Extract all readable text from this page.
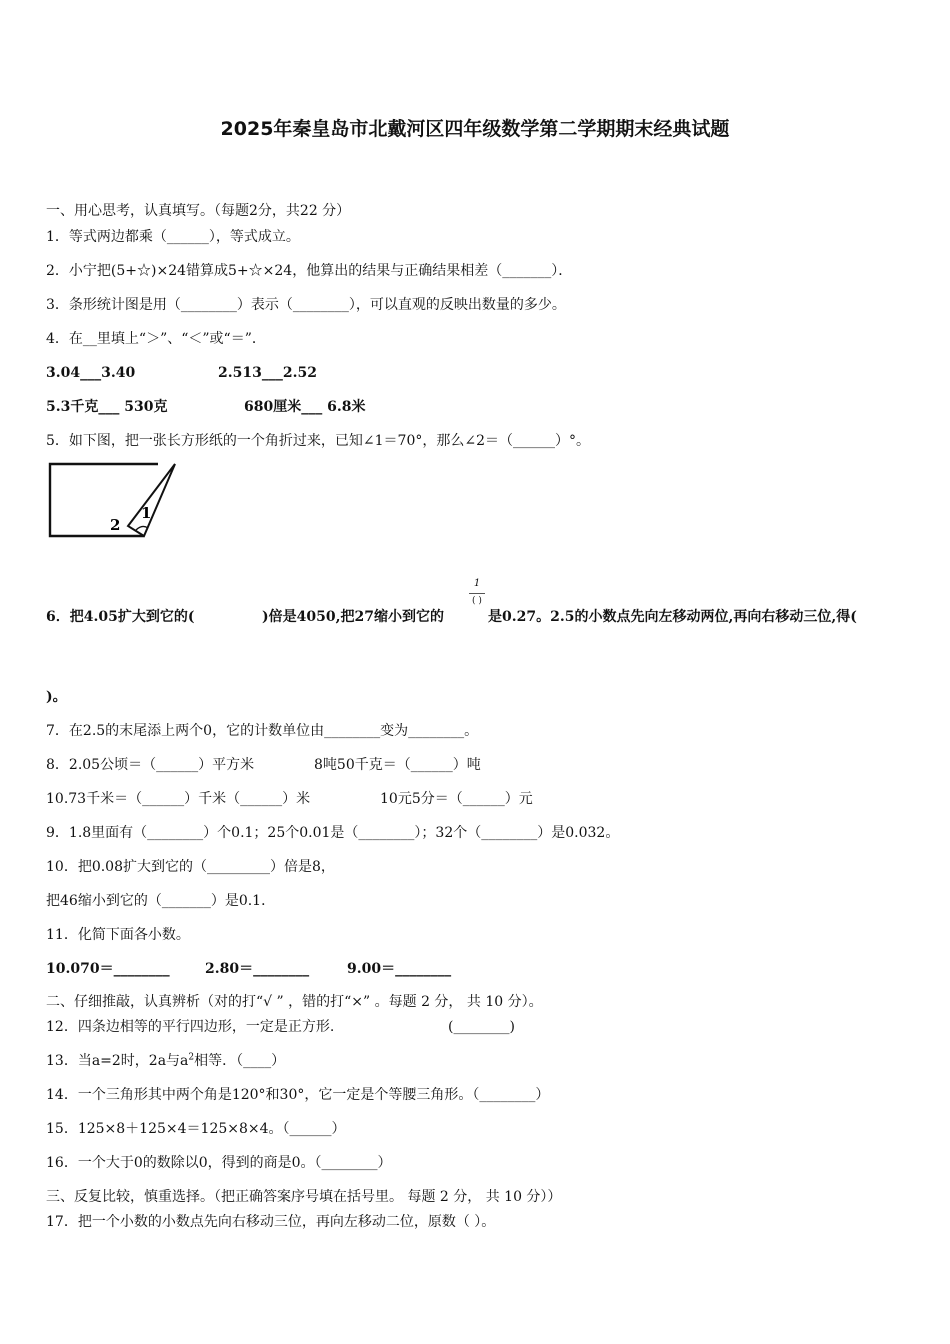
2025年秦皇岛市北戴河区四年级数学第二学期期末经典试题
一、用心思考，认真填写。（每题2分，共22 分）
1．等式两边都乘（______），等式成立。
2．小宁把(5+☆)×24错算成5+☆×24，他算出的结果与正确结果相差（_______）．
3．条形统计图是用（________）表示（________），可以直观的反映出数量的多少。
4．在__里填上“＞”、“＜”或“＝”．
3.04___3.40	2.513___2.52
5.3千克___ 530克	680厘米___ 6.8米
5．如下图，把一张长方形纸的一个角折过来，已知∠1＝70°，那么∠2＝（______）°。
1
2
6．把4.05扩大到它的(	)倍是4050,把27缩小到它的
1
( )
是0.27。2.5的小数点先向左移动两位,再向右移动三位,得(
)。
7．在2.5的末尾添上两个0，它的计数单位由________变为________。
8．2.05公顷＝（______）平方米	8吨50千克＝（______）吨
10.73千米＝（______）千米（______）米	10元5分＝（______）元
9．1.8里面有（________）个0.1；25个0.01是（________）；32个（________）是0.032。
10．把0.08扩大到它的（_________）倍是8，
把46缩小到它的（_______）是0.1．
11．化简下面各小数。
10.070＝________	2.80＝________	9.00＝________
二、仔细推敲，认真辨析（对的打“√ ” ，错的打“×” 。每题 2 分， 共 10 分）。
12．四条边相等的平行四边形，一定是正方形.	(________)
13．当a=2时，2a与$a^2$相等．（____）
14．一个三角形其中两个角是120°和30°，它一定是个等腰三角形。（________）
15．125×8＋125×4＝125×8×4。（______）
16．一个大于0的数除以0，得到的商是0。（________）
三、反复比较，慎重选择。（把正确答案序号填在括号里。 每题 2 分， 共 10 分））
17．把一个小数的小数点先向右移动三位，再向左移动二位，原数（ ）。
